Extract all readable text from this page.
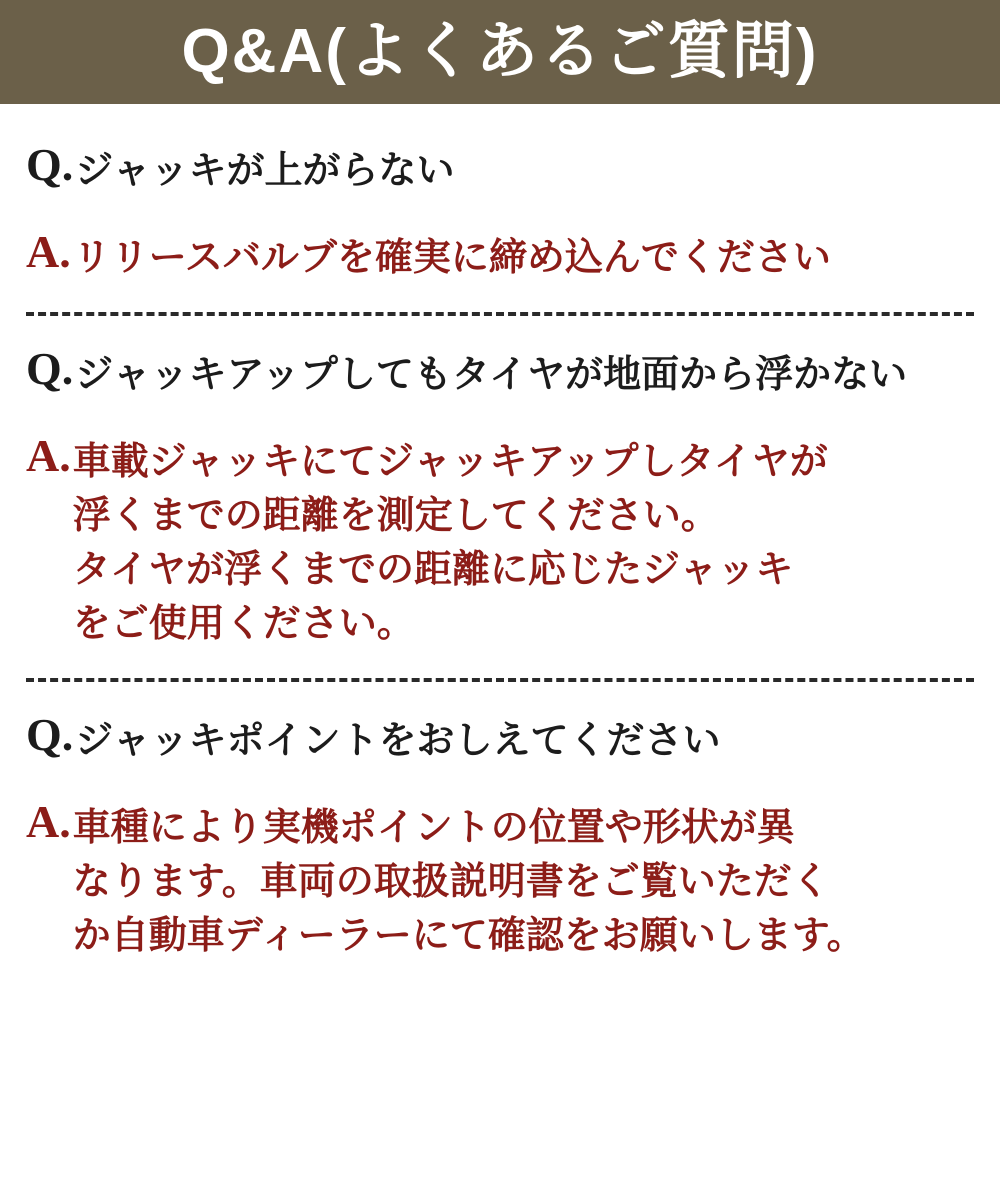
Q&A(よくあるご質問)
Q. ジャッキが上がらない
A. リリースバルブを確実に締め込んでください
Q. ジャッキアップしてもタイヤが地面から浮かない
A. 車載ジャッキにてジャッキアップしタイヤが
浮くまでの距離を測定してください。
タイヤが浮くまでの距離に応じたジャッキ
をご使用ください。
Q. ジャッキポイントをおしえてください
A. 車種により実機ポイントの位置や形状が異
なります。車両の取扱説明書をご覧いただく
か自動車ディーラーにて確認をお願いします。
